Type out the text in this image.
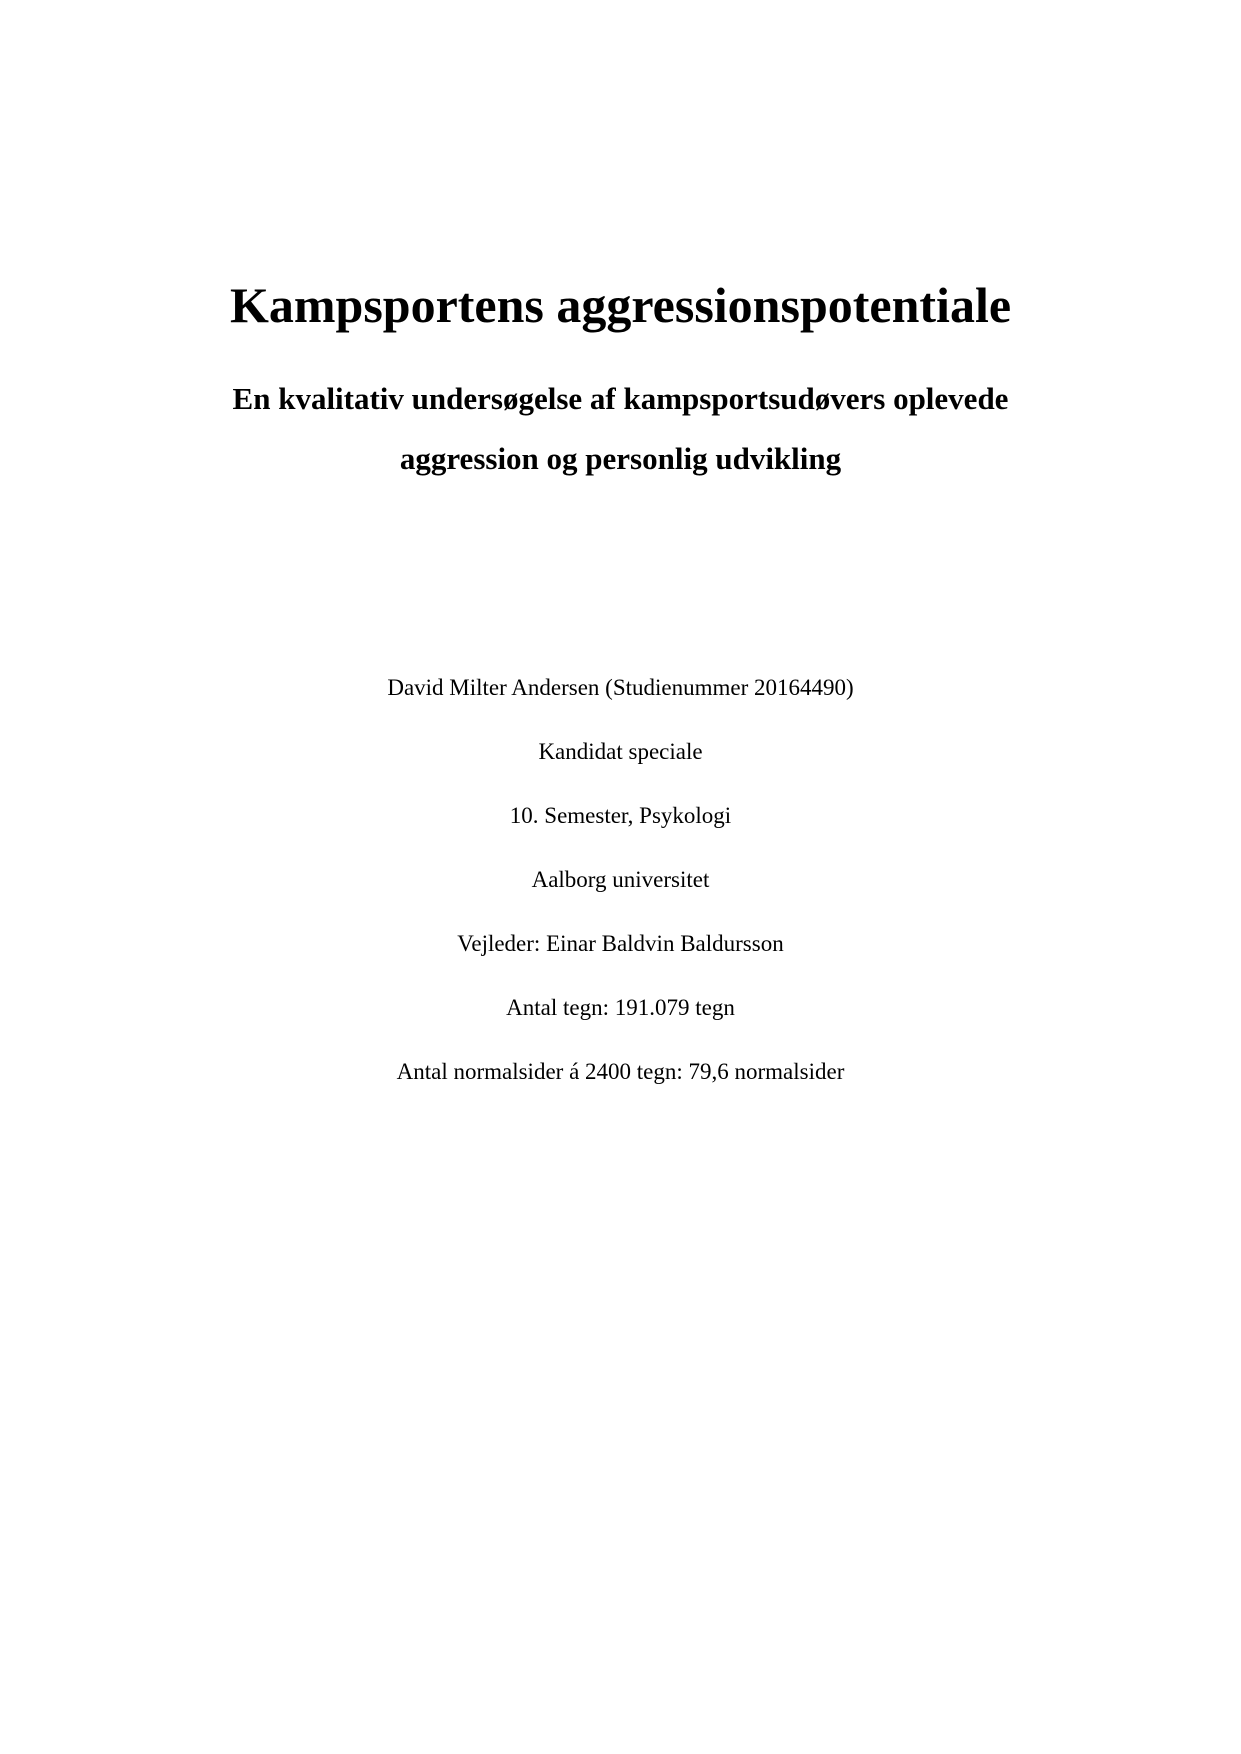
Kampsportens aggressionspotentiale
En kvalitativ undersøgelse af kampsportsudøvers oplevede
aggression og personlig udvikling
David Milter Andersen (Studienummer 20164490)
Kandidat speciale
10. Semester, Psykologi
Aalborg universitet
Vejleder: Einar Baldvin Baldursson
Antal tegn: 191.079 tegn
Antal normalsider á 2400 tegn: 79,6 normalsider
